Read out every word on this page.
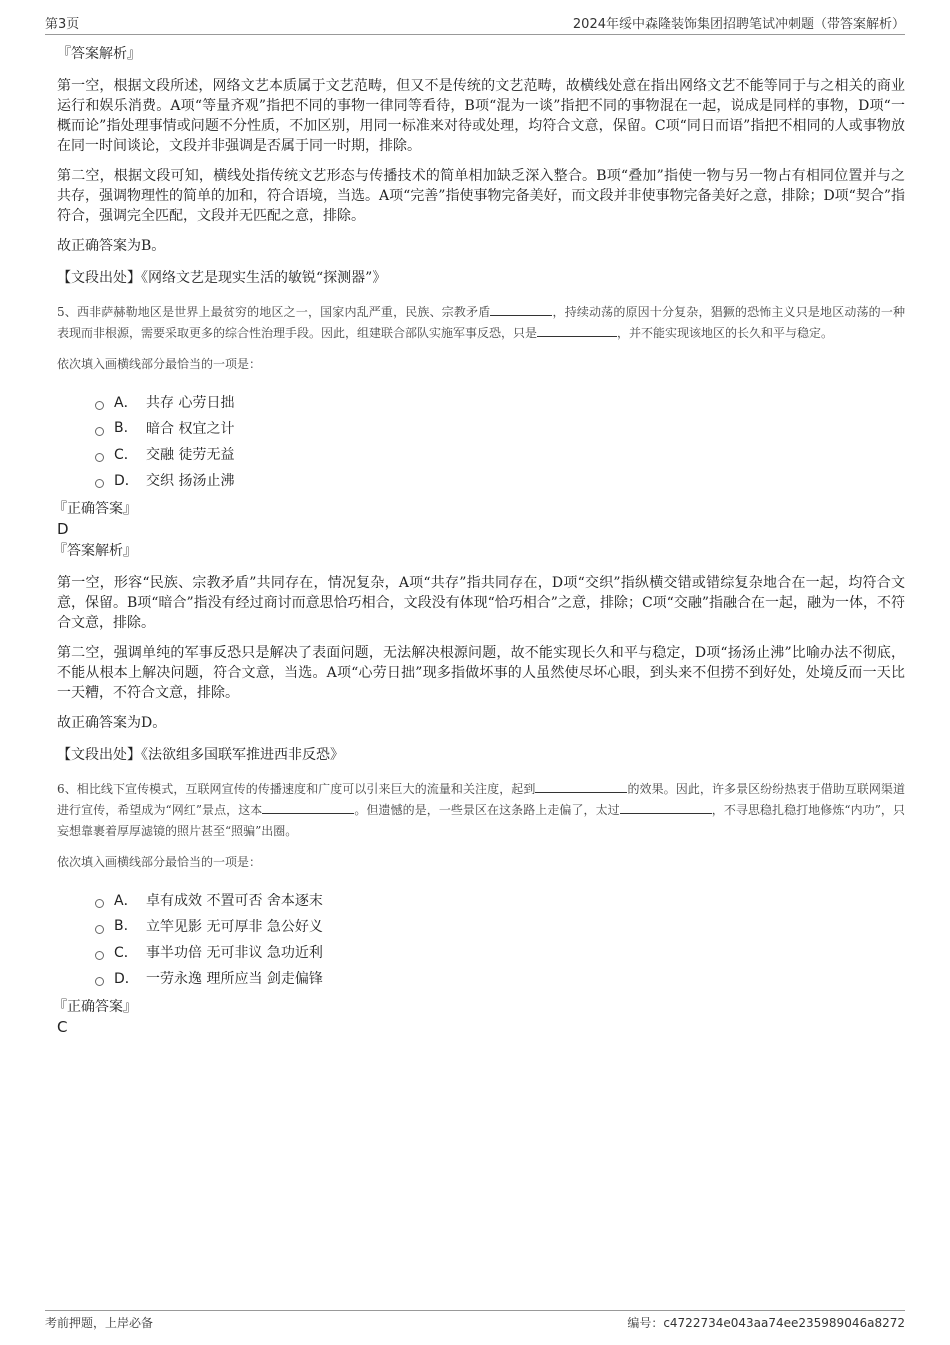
第3页	2024年绥中森隆装饰集团招聘笔试冲刺题（带答案解析）
『答案解析』

第一空，根据文段所述，网络文艺本质属于文艺范畴，但又不是传统的文艺范畴，故横线处意在指出网络文艺不能等同于与之相关的商业运行和娱乐消费。A项“等量齐观”指把不同的事物一律同等看待，B项“混为一谈”指把不同的事物混在一起，说成是同样的事物，D项“一概而论”指处理事情或问题不分性质，不加区别，用同一标准来对待或处理，均符合文意，保留。C项“同日而语”指把不相同的人或事物放在同一时间谈论，文段并非强调是否属于同一时期，排除。

第二空，根据文段可知，横线处指传统文艺形态与传播技术的简单相加缺乏深入整合。B项“叠加”指使一物与另一物占有相同位置并与之共存，强调物理性的简单的加和，符合语境，当选。A项“完善”指使事物完备美好，而文段并非使事物完备美好之意，排除；D项“契合”指符合，强调完全匹配，文段并无匹配之意，排除。

故正确答案为B。

【文段出处】《网络文艺是现实生活的敏锐“探测器”》

5、西非萨赫勒地区是世界上最贫穷的地区之一，国家内乱严重，民族、宗教矛盾	，持续动荡的原因十分复杂，猖獗的恐怖主义只是地区动荡的一种表现而非根源，需要采取更多的综合性治理手段。因此，组建联合部队实施军事反恐，只是	，并不能实现该地区的长久和平与稳定。

依次填入画横线部分最恰当的一项是：

A． 共存 心劳日拙
B.	暗合 权宜之计
C． 交融 徒劳无益
D． 交织 扬汤止沸
『正确答案』
D
『答案解析』

第一空，形容“民族、宗教矛盾”共同存在，情况复杂，A项“共存”指共同存在，D项“交织”指纵横交错或错综复杂地合在一起，均符合文意，保留。B项“暗合”指没有经过商讨而意思恰巧相合，文段没有体现“恰巧相合”之意，排除；C项“交融”指融合在一起，融为一体，不符合文意，排除。

第二空，强调单纯的军事反恐只是解决了表面问题，无法解决根源问题，故不能实现长久和平与稳定，D项“扬汤止沸”比喻办法不彻底，不能从根本上解决问题，符合文意，当选。A项“心劳日拙”现多指做坏事的人虽然使尽坏心眼，到头来不但捞不到好处，处境反而一天比一天糟，不符合文意，排除。

故正确答案为D。

【文段出处】《法欲组多国联军推进西非反恐》

6、相比线下宣传模式，互联网宣传的传播速度和广度可以引来巨大的流量和关注度，起到	的效果。因此，许多景区纷纷热衷于借助互联网渠道进行宣传，希望成为“网红”景点，这本	。但遗憾的是，一些景区在这条路上走偏了，太过	，不寻思稳扎稳打地修炼“内功”，只妄想靠裹着厚厚滤镜的照片甚至“照骗”出圈。

依次填入画横线部分最恰当的一项是：

A． 卓有成效 不置可否 舍本逐末
B.	立竿见影 无可厚非 急公好义
C． 事半功倍 无可非议 急功近利
D． 一劳永逸 理所应当 剑走偏锋
『正确答案』
C
考前押题，上岸必备	编号：c4722734e043aa74ee235989046a8272
